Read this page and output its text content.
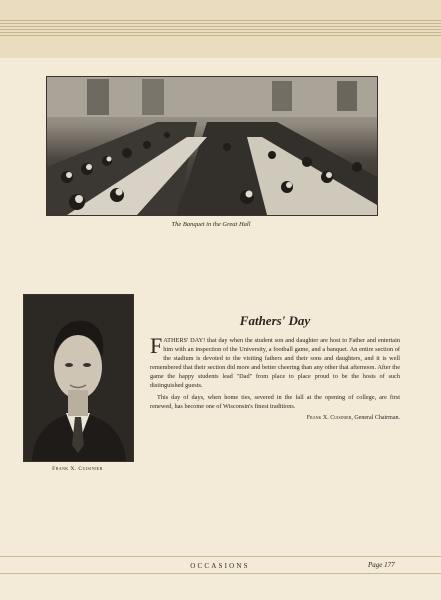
The Banquet in the Great Hall
Frank X. Cuisinier
Fathers' Day

FATHERS' DAY! that day when the student son and daughter are host to Father and entertain him with an inspection of the University, a football game, and a banquet. An entire section of the stadium is devoted to the visiting fathers and their sons and daughters, and it is well remembered that their section did more and better cheering than any other that afternoon. After the game the happy students lead "Dad" from place to place proud to be the hosts of such distinguished guests.

This day of days, when home ties, severed in the fall at the opening of college, are first renewed, has become one of Wisconsin's finest traditions.

Frank X. Cuisinier, General Chairman.

OCCASIONS	Page 177
